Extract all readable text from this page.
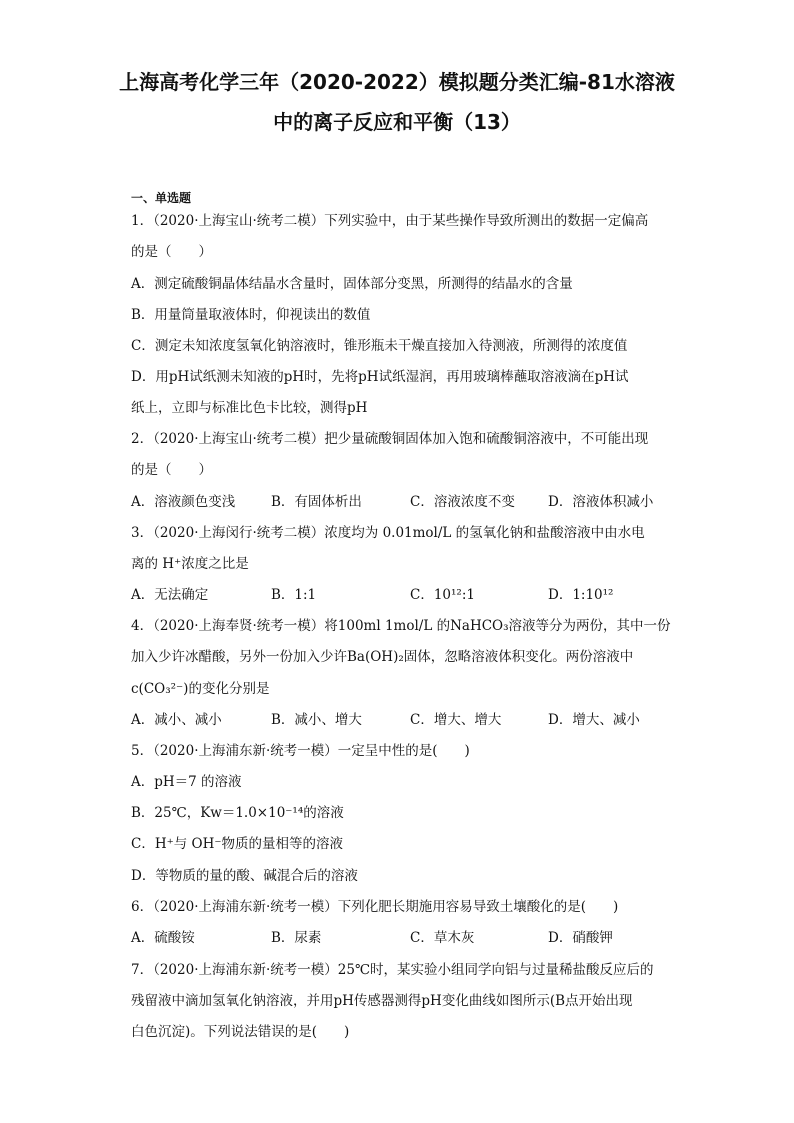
上海高考化学三年（2020-2022）模拟题分类汇编-81水溶液
中的离子反应和平衡（13）
一、单选题
1．（2020·上海宝山·统考二模）下列实验中，由于某些操作导致所测出的数据一定偏高
的是（　　）
A．测定硫酸铜晶体结晶水含量时，固体部分变黑，所测得的结晶水的含量
B．用量筒量取液体时，仰视读出的数值
C．测定未知浓度氢氧化钠溶液时，锥形瓶未干燥直接加入待测液，所测得的浓度值
D．用pH试纸测未知液的pH时，先将pH试纸湿润，再用玻璃棒蘸取溶液滴在pH试
纸上，立即与标准比色卡比较，测得pH
2．（2020·上海宝山·统考二模）把少量硫酸铜固体加入饱和硫酸铜溶液中，不可能出现
的是（　　）
A．溶液颜色变浅	B．有固体析出	C．溶液浓度不变 D．溶液体积减小
3．（2020·上海闵行·统考二模）浓度均为 0.01mol/L 的氢氧化钠和盐酸溶液中由水电
离的 H⁺浓度之比是
A．无法确定	B．1:1	C．10¹²:1	D．1:10¹²
4．（2020·上海奉贤·统考一模）将100ml 1mol/L 的NaHCO₃溶液等分为两份，其中一份
加入少许冰醋酸，另外一份加入少许Ba(OH)₂固体，忽略溶液体积变化。两份溶液中
c(CO₃²⁻)的变化分别是
A．减小、减小	B．减小、增大	C．增大、增大	D．增大、减小
5．（2020·上海浦东新·统考一模）一定呈中性的是(　　)
A．pH＝7 的溶液
B．25℃，Kw＝1.0×10⁻¹⁴的溶液
C．H⁺与 OH⁻物质的量相等的溶液
D．等物质的量的酸、碱混合后的溶液
6．（2020·上海浦东新·统考一模）下列化肥长期施用容易导致土壤酸化的是(　　)
A．硫酸铵	B．尿素	C．草木灰	D．硝酸钾
7．（2020·上海浦东新·统考一模）25℃时，某实验小组同学向铝与过量稀盐酸反应后的
残留液中滴加氢氧化钠溶液，并用pH传感器测得pH变化曲线如图所示(B点开始出现
白色沉淀)。下列说法错误的是(　　)
